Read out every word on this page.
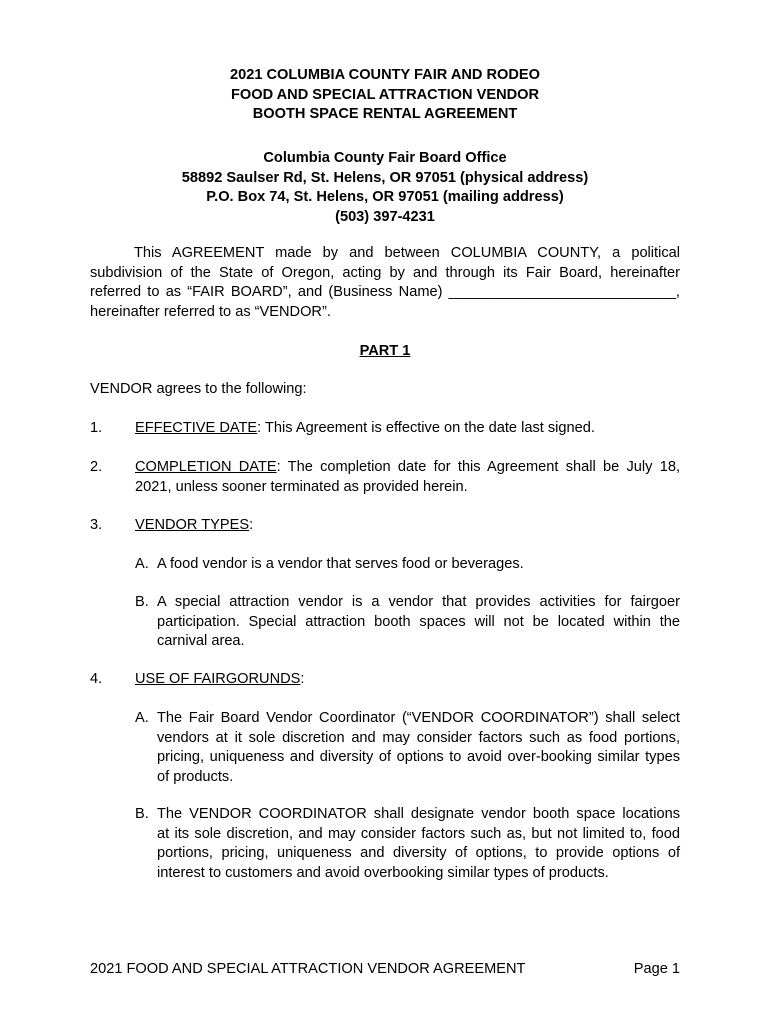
2021 COLUMBIA COUNTY FAIR AND RODEO
FOOD AND SPECIAL ATTRACTION VENDOR
BOOTH SPACE RENTAL AGREEMENT
Columbia County Fair Board Office
58892 Saulser Rd, St. Helens, OR 97051 (physical address)
P.O. Box 74, St. Helens, OR 97051 (mailing address)
(503) 397-4231
This AGREEMENT made by and between COLUMBIA COUNTY, a political
subdivision of the State of Oregon, acting by and through its Fair Board, hereinafter
referred to as “FAIR BOARD”, and (Business Name) ____________________________,
hereinafter referred to as “VENDOR”.
PART 1
VENDOR agrees to the following:
1. EFFECTIVE DATE: This Agreement is effective on the date last signed.
2. COMPLETION DATE: The completion date for this Agreement shall be July 18,
2021, unless sooner terminated as provided herein.
3. VENDOR TYPES:
A. A food vendor is a vendor that serves food or beverages.
B. A special attraction vendor is a vendor that provides activities for fairgoer
participation. Special attraction booth spaces will not be located within the
carnival area.
4. USE OF FAIRGORUNDS:
A. The Fair Board Vendor Coordinator (“VENDOR COORDINATOR”) shall select
vendors at it sole discretion and may consider factors such as food portions,
pricing, uniqueness and diversity of options to avoid over-booking similar types
of products.
B. The VENDOR COORDINATOR shall designate vendor booth space locations
at its sole discretion, and may consider factors such as, but not limited to, food
portions, pricing, uniqueness and diversity of options, to provide options of
interest to customers and avoid overbooking similar types of products.
2021 FOOD AND SPECIAL ATTRACTION VENDOR AGREEMENT	Page 1
